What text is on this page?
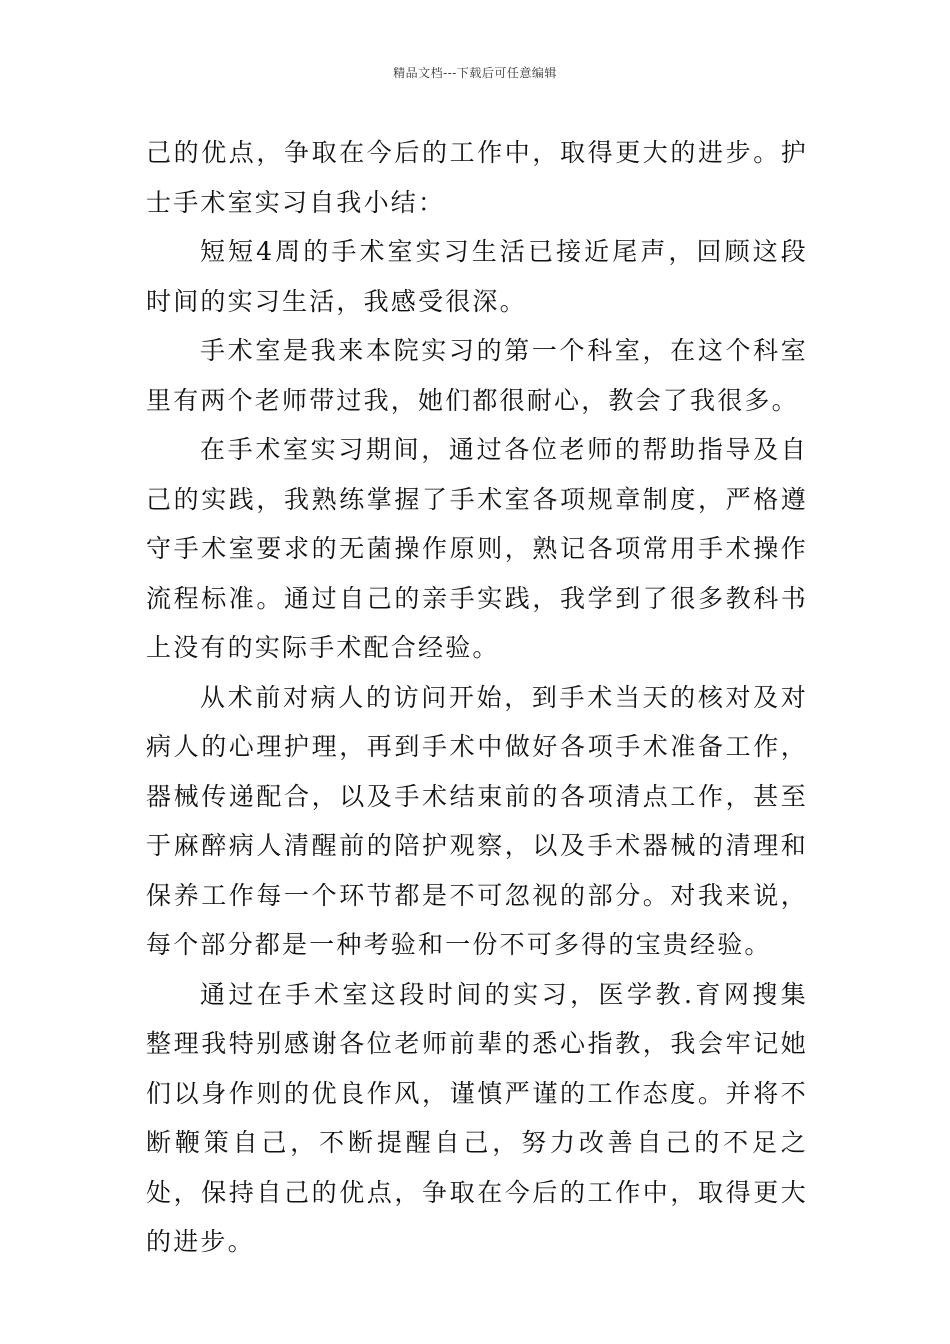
精品文档---下载后可任意编辑

己的优点，争取在今后的工作中，取得更大的进步。护士手术室实习自我小结：

短短4周的手术室实习生活已接近尾声，回顾这段时间的实习生活，我感受很深。

手术室是我来本院实习的第一个科室，在这个科室里有两个老师带过我，她们都很耐心，教会了我很多。

在手术室实习期间，通过各位老师的帮助指导及自己的实践，我熟练掌握了手术室各项规章制度，严格遵守手术室要求的无菌操作原则，熟记各项常用手术操作流程标准。通过自己的亲手实践，我学到了很多教科书上没有的实际手术配合经验。

从术前对病人的访问开始，到手术当天的核对及对病人的心理护理，再到手术中做好各项手术准备工作，器械传递配合，以及手术结束前的各项清点工作，甚至于麻醉病人清醒前的陪护观察，以及手术器械的清理和保养工作每一个环节都是不可忽视的部分。对我来说，每个部分都是一种考验和一份不可多得的宝贵经验。

通过在手术室这段时间的实习，医学教.育网搜集整理我特别感谢各位老师前辈的悉心指教，我会牢记她们以身作则的优良作风，谨慎严谨的工作态度。并将不断鞭策自己，不断提醒自己，努力改善自己的不足之处，保持自己的优点，争取在今后的工作中，取得更大的进步。
